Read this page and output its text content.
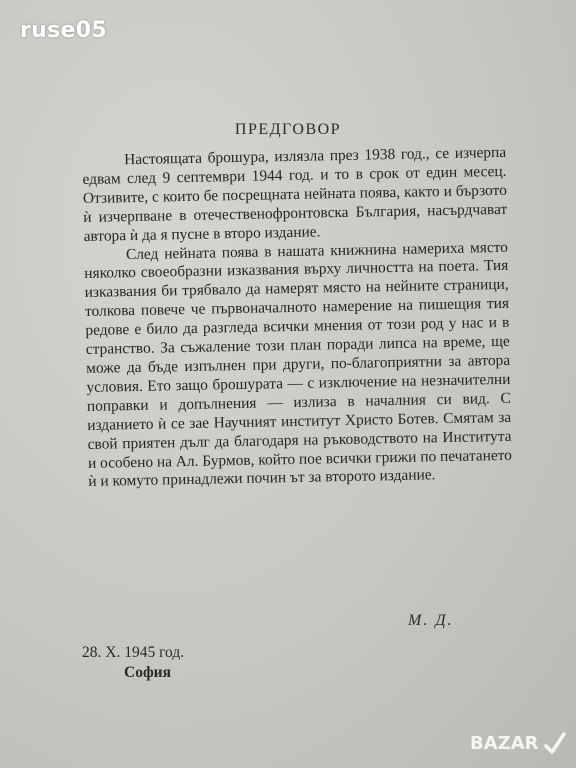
ruse05
ПРЕДГОВОР

Настоящата брошура, излязла през 1938 год., се изчерпа едвам след 9 септември 1944 год. и то в срок от един месец. Отзивите, с които бе посрещната нейната поява, както и бързото ѝ изчерпване в отечественофронтовска България, насърдчават автора ѝ да я пусне в второ издание.

След нейната поява в нашата книжнина намериха място няколко своеобразни изказвания върху личността на поета. Тия изказвания би трябвало да намерят място на нейните страници, толкова повече че първоначалното намерение на пишещия тия редове е било да разгледа всички мнения от този род у нас и в странство. За съжаление този план поради липса на време, ще може да бъде изпълнен при други, по-благоприятни за автора условия. Ето защо брошурата — с изключение на незначителни поправки и допълнения — излиза в началния си вид. С изданието ѝ се зае Научният институт Христо Ботев. Смятам за свой приятен дълг да благодаря на ръководството на Института и особено на Ал. Бурмов, който пое всички грижи по печатането ѝ и комуто принадлежи почин ът за второто издание.

М. Д.
28. X. 1945 год.
София
BAZAR
